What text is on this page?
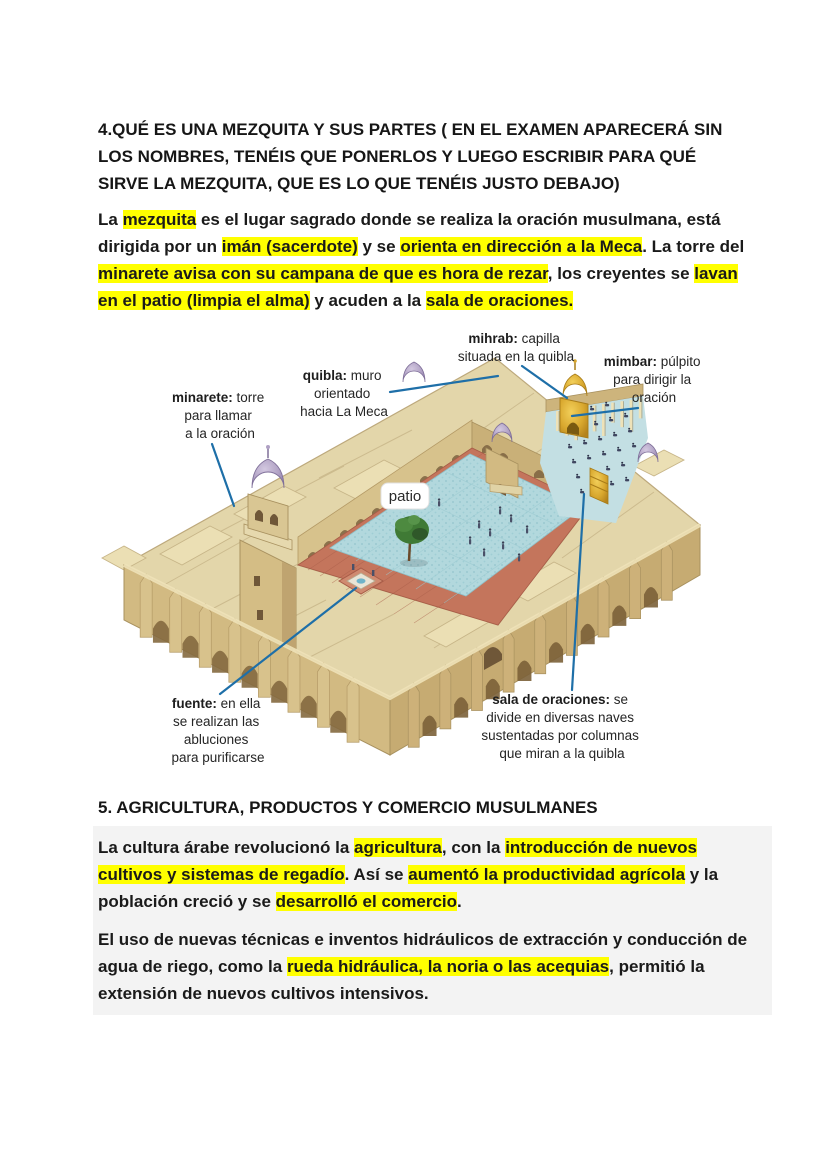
4.QUÉ ES UNA MEZQUITA Y SUS PARTES ( EN EL EXAMEN APARECERÁ SIN LOS NOMBRES, TENÉIS QUE PONERLOS Y LUEGO ESCRIBIR PARA QUÉ SIRVE LA MEZQUITA, QUE ES LO QUE TENÉIS JUSTO DEBAJO)
La mezquita es el lugar sagrado donde se realiza la oración musulmana, está dirigida por un imán (sacerdote) y se orienta en dirección a la Meca. La torre del minarete avisa con su campana de que es hora de rezar, los creyentes se lavan en el patio (limpia el alma) y acuden a la sala de oraciones.
minarete: torre para llamar a la oración
quibla: muro orientado hacia La Meca
mihrab: capilla situada en la quibla mimbar: púlpito para dirigir la oración
fuente: en ella se realizan las abluciones para purificarse
sala de oraciones: se divide en diversas naves sustentadas por columnas que miran a la quibla
patio
5. AGRICULTURA, PRODUCTOS Y COMERCIO MUSULMANES
La cultura árabe revolucionó la agricultura, con la introducción de nuevos cultivos y sistemas de regadío. Así se aumentó la productividad agrícola y la población creció y se desarrolló el comercio.
El uso de nuevas técnicas e inventos hidráulicos de extracción y conducción de agua de riego, como la rueda hidráulica, la noria o las acequias, permitió la extensión de nuevos cultivos intensivos.
